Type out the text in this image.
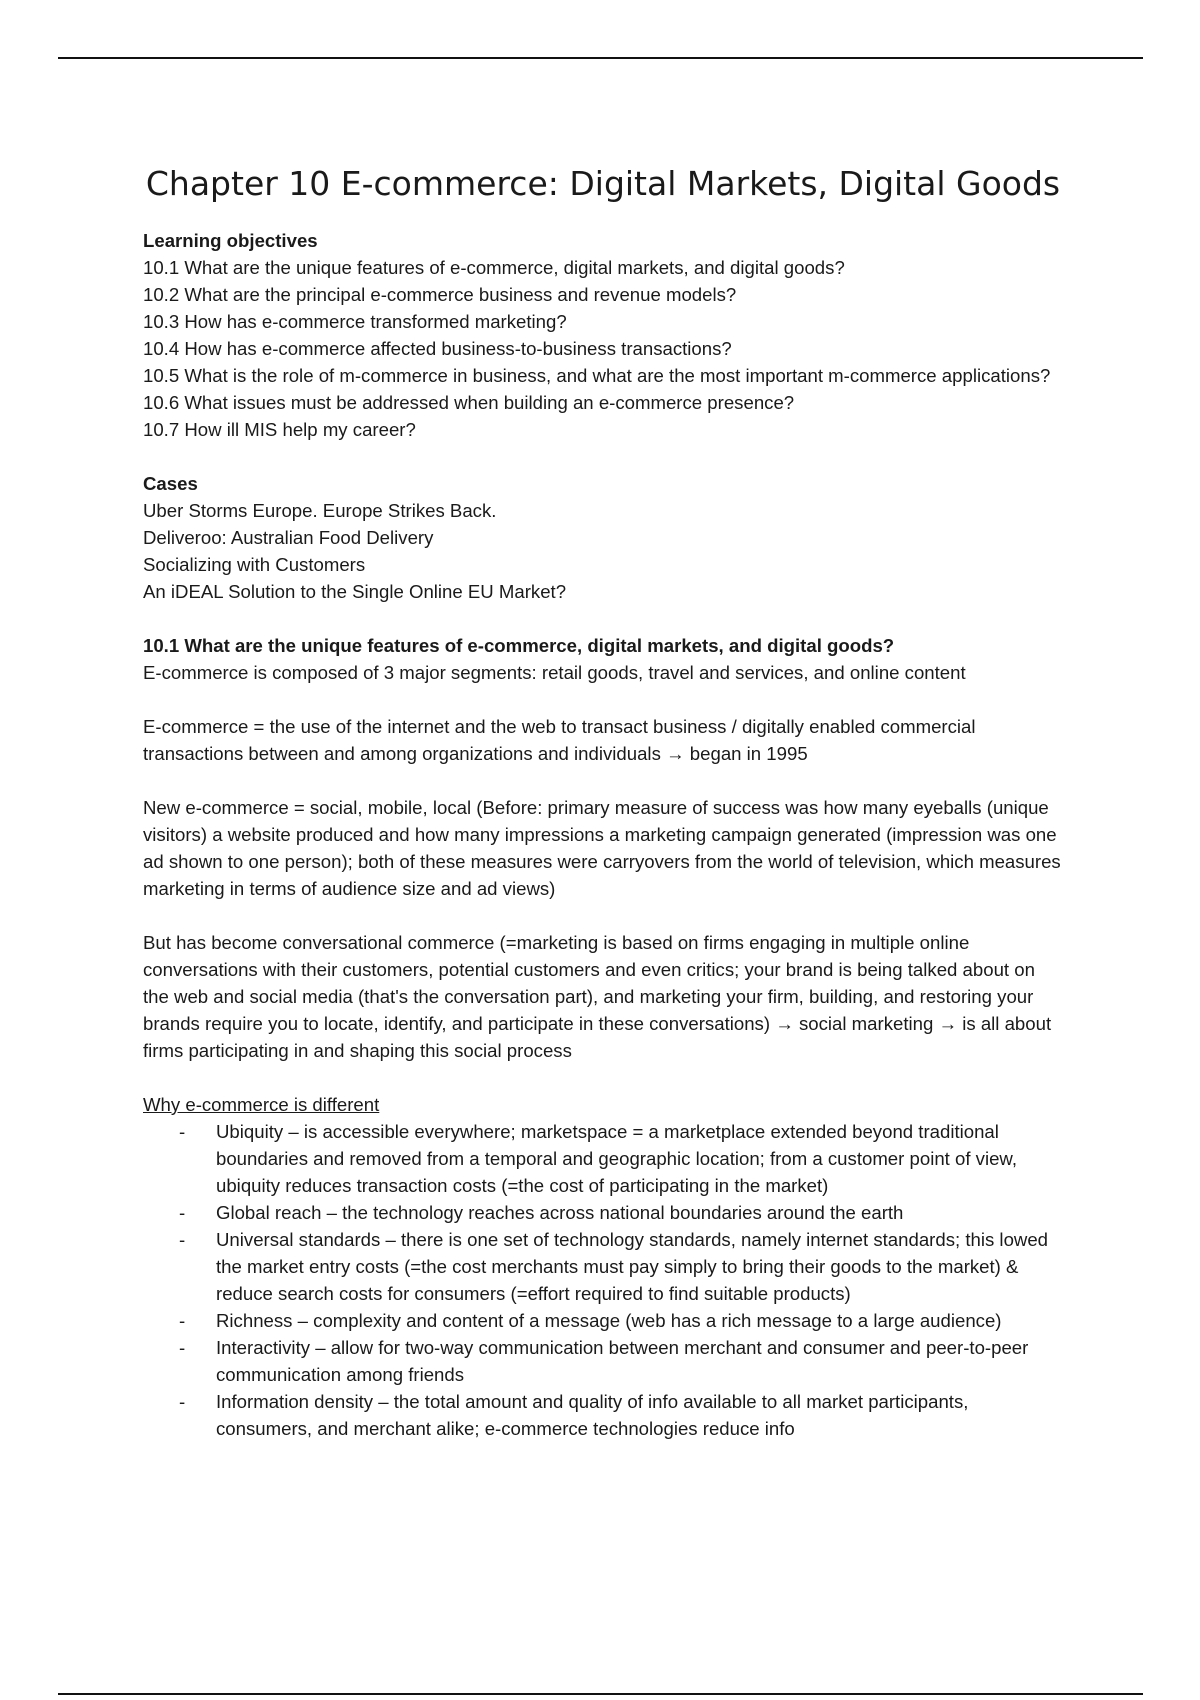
Chapter 10 E-commerce: Digital Markets, Digital Goods

Learning objectives

10.1 What are the unique features of e-commerce, digital markets, and digital goods?

10.2 What are the principal e-commerce business and revenue models?

10.3 How has e-commerce transformed marketing?

10.4 How has e-commerce affected business-to-business transactions?

10.5 What is the role of m-commerce in business, and what are the most important m-commerce applications?

10.6 What issues must be addressed when building an e-commerce presence?

10.7 How ill MIS help my career?

Cases

Uber Storms Europe. Europe Strikes Back.

Deliveroo: Australian Food Delivery

Socializing with Customers

An iDEAL Solution to the Single Online EU Market?

10.1 What are the unique features of e-commerce, digital markets, and digital goods?

E-commerce is composed of 3 major segments: retail goods, travel and services, and online content

E-commerce = the use of the internet and the web to transact business / digitally enabled commercial transactions between and among organizations and individuals → began in 1995

New e-commerce = social, mobile, local (Before: primary measure of success was how many eyeballs (unique visitors) a website produced and how many impressions a marketing campaign generated (impression was one ad shown to one person); both of these measures were carryovers from the world of television, which measures marketing in terms of audience size and ad views)

But has become conversational commerce (=marketing is based on firms engaging in multiple online conversations with their customers, potential customers and even critics; your brand is being talked about on the web and social media (that's the conversation part), and marketing your firm, building, and restoring your brands require you to locate, identify, and participate in these conversations) → social marketing → is all about firms participating in and shaping this social process

Why e-commerce is different

- Ubiquity – is accessible everywhere; marketspace = a marketplace extended beyond traditional boundaries and removed from a temporal and geographic location; from a customer point of view, ubiquity reduces transaction costs (=the cost of participating in the market)
- Global reach – the technology reaches across national boundaries around the earth
- Universal standards – there is one set of technology standards, namely internet standards; this lowed the market entry costs (=the cost merchants must pay simply to bring their goods to the market) & reduce search costs for consumers (=effort required to find suitable products)
- Richness – complexity and content of a message (web has a rich message to a large audience)
- Interactivity – allow for two-way communication between merchant and consumer and peer-to-peer communication among friends
- Information density – the total amount and quality of info available to all market participants, consumers, and merchant alike; e-commerce technologies reduce info
